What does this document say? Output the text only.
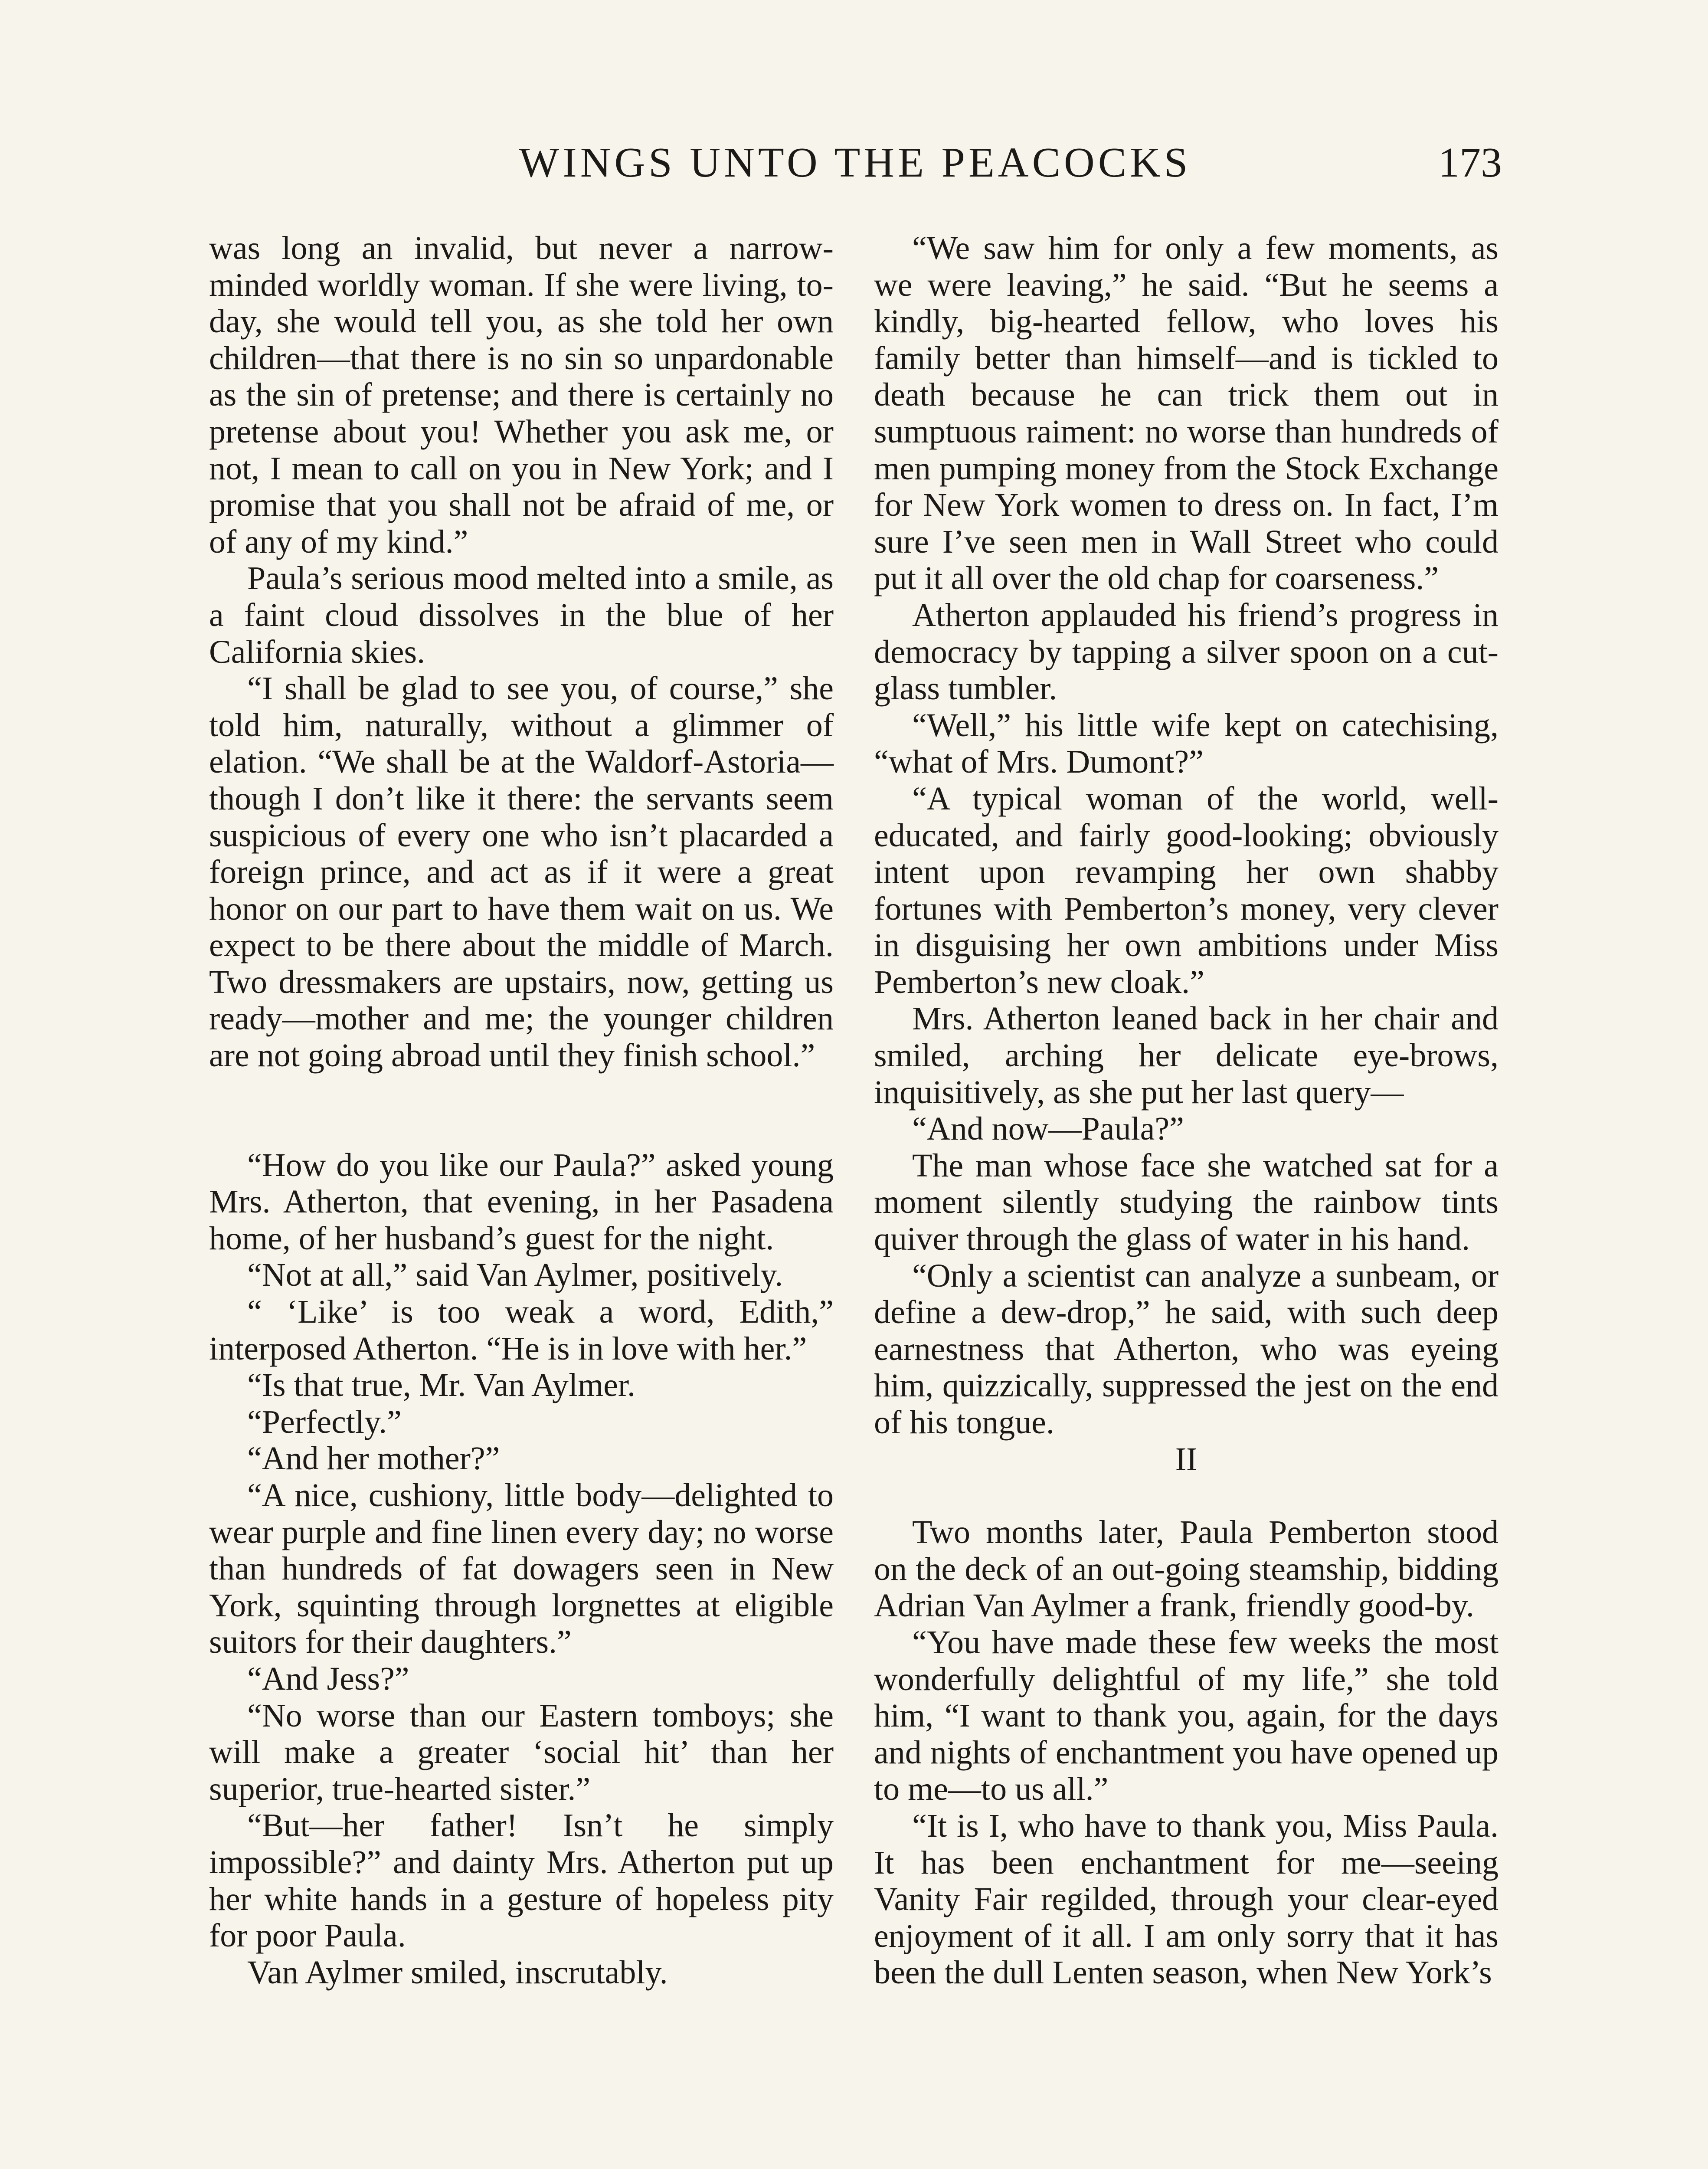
WINGS UNTO THE PEACOCKS	173

was long an invalid, but never a narrow-minded worldly woman. If she were living, to-day, she would tell you, as she told her own children—that there is no sin so unpardonable as the sin of pretense; and there is certainly no pretense about you! Whether you ask me, or not, I mean to call on you in New York; and I promise that you shall not be afraid of me, or of any of my kind.”

Paula’s serious mood melted into a smile, as a faint cloud dissolves in the blue of her California skies.

“I shall be glad to see you, of course,” she told him, naturally, without a glimmer of elation. “We shall be at the Waldorf-Astoria—though I don’t like it there: the servants seem suspicious of every one who isn’t placarded a foreign prince, and act as if it were a great honor on our part to have them wait on us. We expect to be there about the middle of March. Two dressmakers are upstairs, now, getting us ready—mother and me; the younger children are not going abroad until they finish school.”

“How do you like our Paula?” asked young Mrs. Atherton, that evening, in her Pasadena home, of her husband’s guest for the night.

“Not at all,” said Van Aylmer, positively.

“ ‘Like’ is too weak a word, Edith,” interposed Atherton. “He is in love with her.”

“Is that true, Mr. Van Aylmer.

“Perfectly.”

“And her mother?”

“A nice, cushiony, little body—delighted to wear purple and fine linen every day; no worse than hundreds of fat dowagers seen in New York, squinting through lorgnettes at eligible suitors for their daughters.”

“And Jess?”

“No worse than our Eastern tomboys; she will make a greater ‘social hit’ than her superior, true-hearted sister.”

“But—her father! Isn’t he simply impossible?” and dainty Mrs. Atherton put up her white hands in a gesture of hopeless pity for poor Paula.

Van Aylmer smiled, inscrutably.

“We saw him for only a few moments, as we were leaving,” he said. “But he seems a kindly, big-hearted fellow, who loves his family better than himself—and is tickled to death because he can trick them out in sumptuous raiment: no worse than hundreds of men pumping money from the Stock Exchange for New York women to dress on. In fact, I’m sure I’ve seen men in Wall Street who could put it all over the old chap for coarseness.”

Atherton applauded his friend’s progress in democracy by tapping a silver spoon on a cut-glass tumbler.

“Well,” his little wife kept on catechising, “what of Mrs. Dumont?”

“A typical woman of the world, well-educated, and fairly good-looking; obviously intent upon revamping her own shabby fortunes with Pemberton’s money, very clever in disguising her own ambitions under Miss Pemberton’s new cloak.”

Mrs. Atherton leaned back in her chair and smiled, arching her delicate eye-brows, inquisitively, as she put her last query—

“And now—Paula?”

The man whose face she watched sat for a moment silently studying the rainbow tints quiver through the glass of water in his hand.

“Only a scientist can analyze a sunbeam, or define a dew-drop,” he said, with such deep earnestness that Atherton, who was eyeing him, quizzically, suppressed the jest on the end of his tongue.

II

Two months later, Paula Pemberton stood on the deck of an out-going steamship, bidding Adrian Van Aylmer a frank, friendly good-by.

“You have made these few weeks the most wonderfully delightful of my life,” she told him, “I want to thank you, again, for the days and nights of enchantment you have opened up to me—to us all.”

“It is I, who have to thank you, Miss Paula. It has been enchantment for me—seeing Vanity Fair regilded, through your clear-eyed enjoyment of it all. I am only sorry that it has been the dull Lenten season, when New York’s
